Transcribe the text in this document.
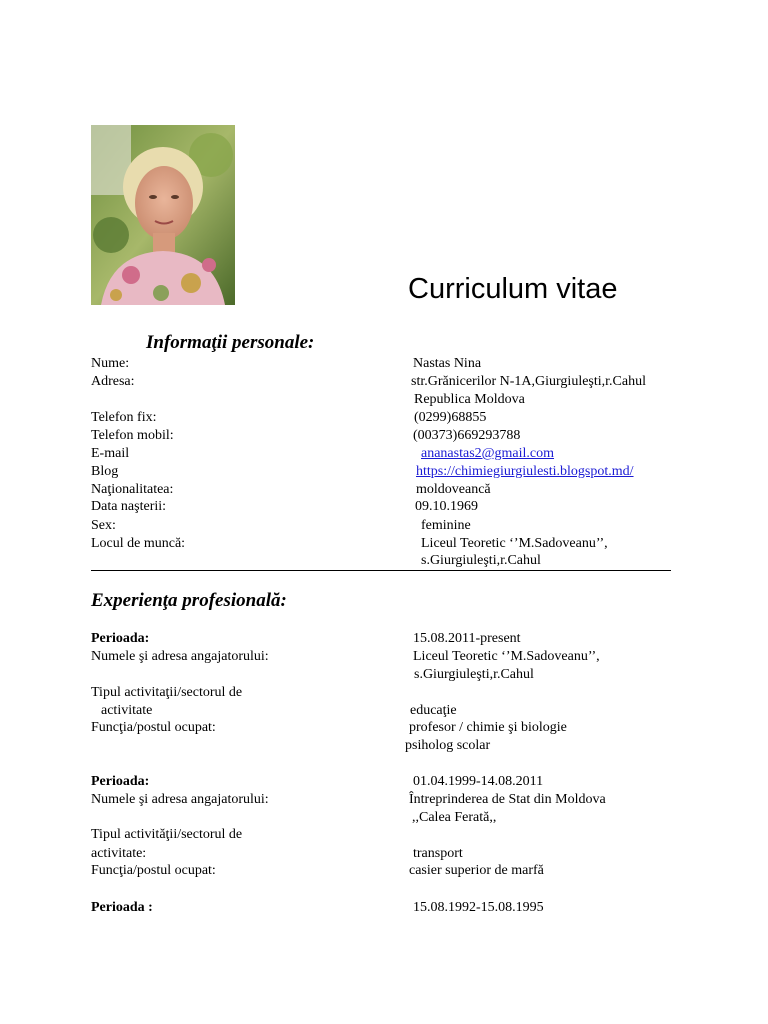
Curriculum vitae
Informaţii personale:
Nume:	Nastas Nina
Adresa:	str.Grănicerilor N-1A,Giurgiuleşti,r.Cahul
Republica Moldova
Telefon fix:	(0299)68855
Telefon mobil:	(00373)669293788
E-mail	ananastas2@gmail.com
Blog	https://chimiegiurgiulesti.blogspot.md/
Naţionalitatea:	moldoveancă
Data naşterii:	09.10.1969
Sex:	feminine
Locul de muncă:	Liceul Teoretic ‘’M.Sadoveanu’’,
s.Giurgiuleşti,r.Cahul
Experienţa profesională:
Perioada:	15.08.2011-present
Numele şi adresa angajatorului:	Liceul Teoretic ‘’M.Sadoveanu’’,
s.Giurgiuleşti,r.Cahul
Tipul activitaţii/sectorul de
activitate	educaţie
Funcţia/postul ocupat:	profesor / chimie şi biologie
psiholog scolar
Perioada:	01.04.1999-14.08.2011
Numele şi adresa angajatorului:	Întreprinderea de Stat din Moldova
,,Calea Ferată,,
Tipul activităţii/sectorul de
activitate:	transport
Funcţia/postul ocupat:	casier superior de marfă
Perioada :	15.08.1992-15.08.1995
